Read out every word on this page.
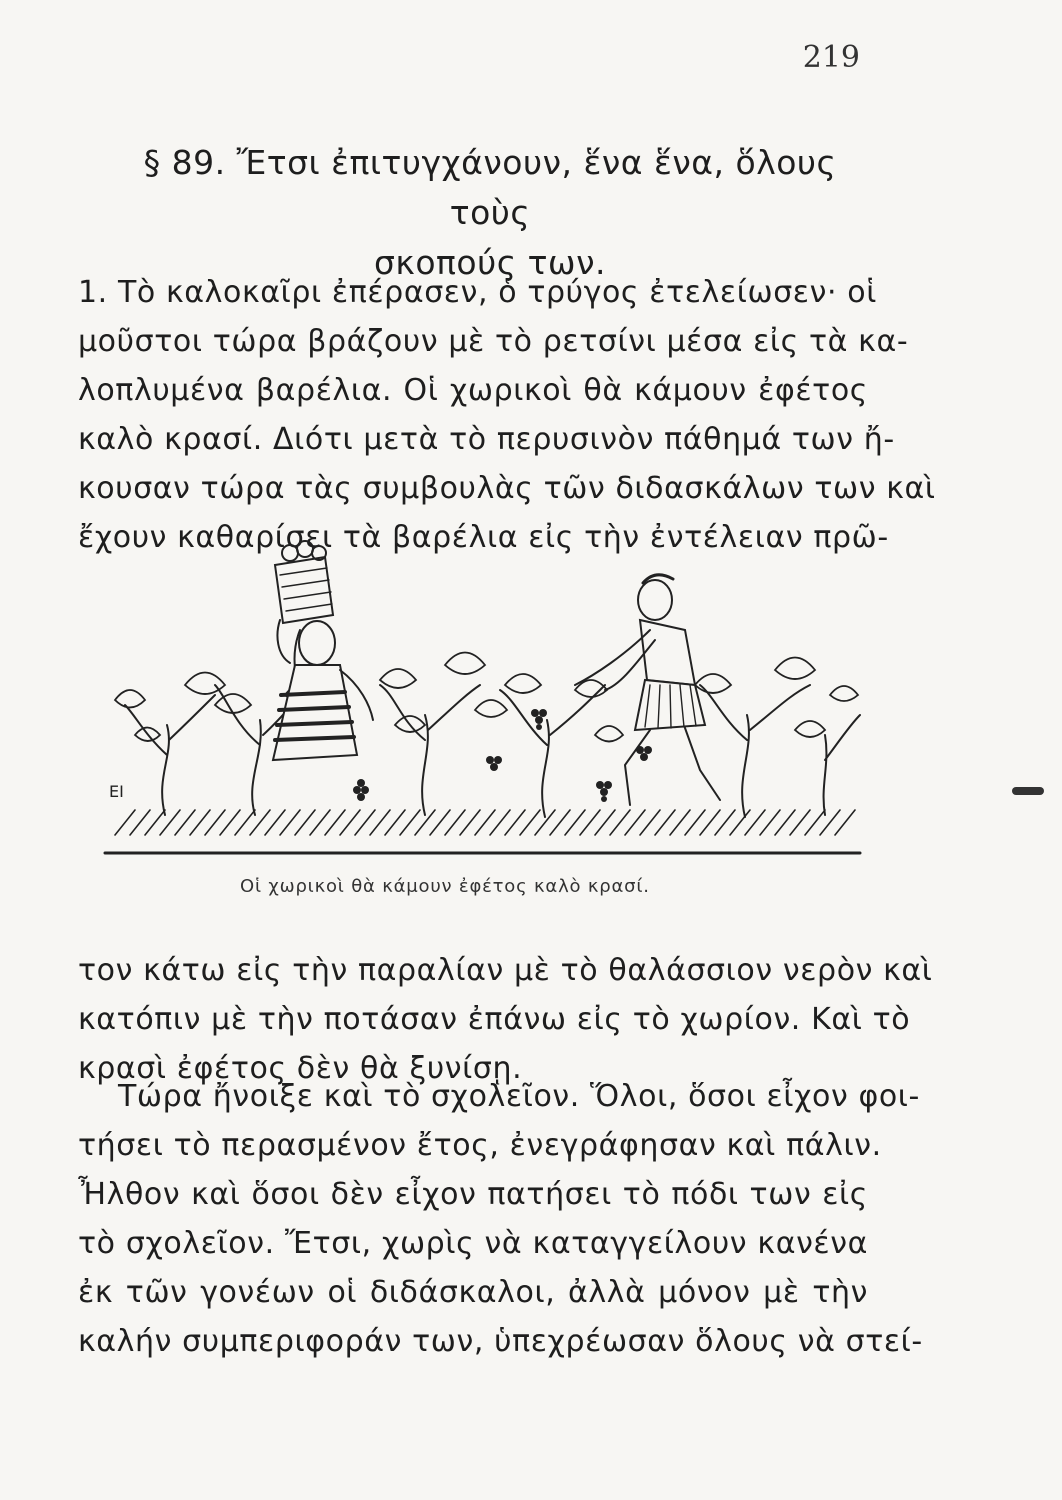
219
§ 89. Ἔτσι ἐπιτυγχάνουν, ἕνα ἕνα, ὅλους τοὺς
σκοπούς των.
1. Τὸ καλοκαῖρι ἐπέρασεν, ὁ τρύγος ἐτελείωσεν· οἱ
μοῦστοι τώρα βράζουν μὲ τὸ ρετσίνι μέσα εἰς τὰ κα-
λοπλυμένα βαρέλια. Οἱ χωρικοὶ θὰ κάμουν ἐφέτος
καλὸ κρασί. Διότι μετὰ τὸ περυσινὸν πάθημά των ἤ-
κουσαν τώρα τὰς συμβουλὰς τῶν διδασκάλων των καὶ
ἔχουν καθαρίσει τὰ βαρέλια εἰς τὴν ἐντέλειαν πρῶ-
ΕΙ
Οἱ χωρικοὶ θὰ κάμουν ἐφέτος καλὸ κρασί.
τον κάτω εἰς τὴν παραλίαν μὲ τὸ θαλάσσιον νερὸν καὶ
κατόπιν μὲ τὴν ποτάσαν ἐπάνω εἰς τὸ χωρίον. Καὶ τὸ
κρασὶ ἐφέτος δὲν θὰ ξυνίσῃ.
Τώρα ἤνοιξε καὶ τὸ σχολεῖον. Ὅλοι, ὅσοι εἶχον φοι-
τήσει τὸ περασμένον ἔτος, ἐνεγράφησαν καὶ πάλιν.
Ἦλθον καὶ ὅσοι δὲν εἶχον πατήσει τὸ πόδι των εἰς
τὸ σχολεῖον. Ἔτσι, χωρὶς νὰ καταγγείλουν κανένα
ἐκ τῶν γονέων οἱ διδάσκαλοι, ἀλλὰ μόνον μὲ τὴν
καλήν συμπεριφοράν των, ὑπεχρέωσαν ὅλους νὰ στεί-
